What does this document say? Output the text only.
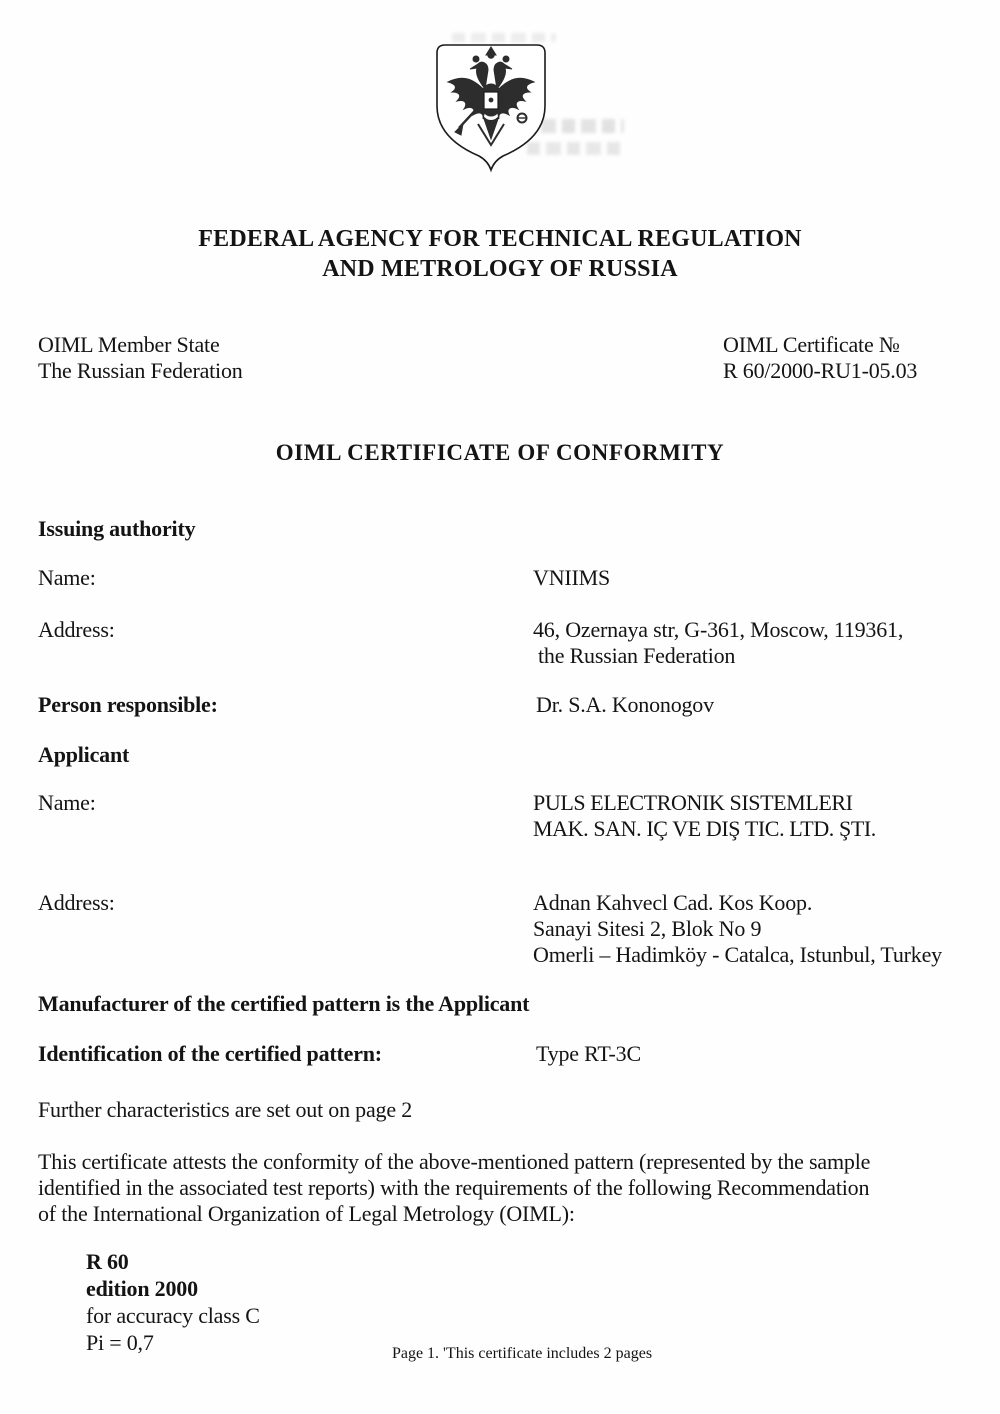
FEDERAL AGENCY FOR TECHNICAL REGULATION
AND METROLOGY OF RUSSIA
OIML Member State
The Russian Federation
OIML Certificate №
R 60/2000-RU1-05.03
OIML CERTIFICATE OF CONFORMITY
Issuing authority
Name:	VNIIMS
Address:	46, Ozernaya str, G-361, Moscow, 119361,
the Russian Federation
Person responsible:	Dr. S.A. Kononogov
Applicant
Name:	PULS ELECTRONIK SISTEMLERI
MAK. SAN. IÇ VE DIŞ TIC. LTD. ŞTI.
Address:	Adnan Kahvecl Cad. Kos Koop.
Sanayi Sitesi 2, Blok No 9
Omerli – Hadimköy - Catalca, Istunbul, Turkey
Manufacturer of the certified pattern is the Applicant
Identification of the certified pattern:	Type RT-3C
Further characteristics are set out on page 2
This certificate attests the conformity of the above-mentioned pattern (represented by the sample
identified in the associated test reports) with the requirements of the following Recommendation
of the International Organization of Legal Metrology (OIML):
R 60
edition 2000
for accuracy class C
Pi = 0,7	Page 1. 'This certificate includes 2 pages
